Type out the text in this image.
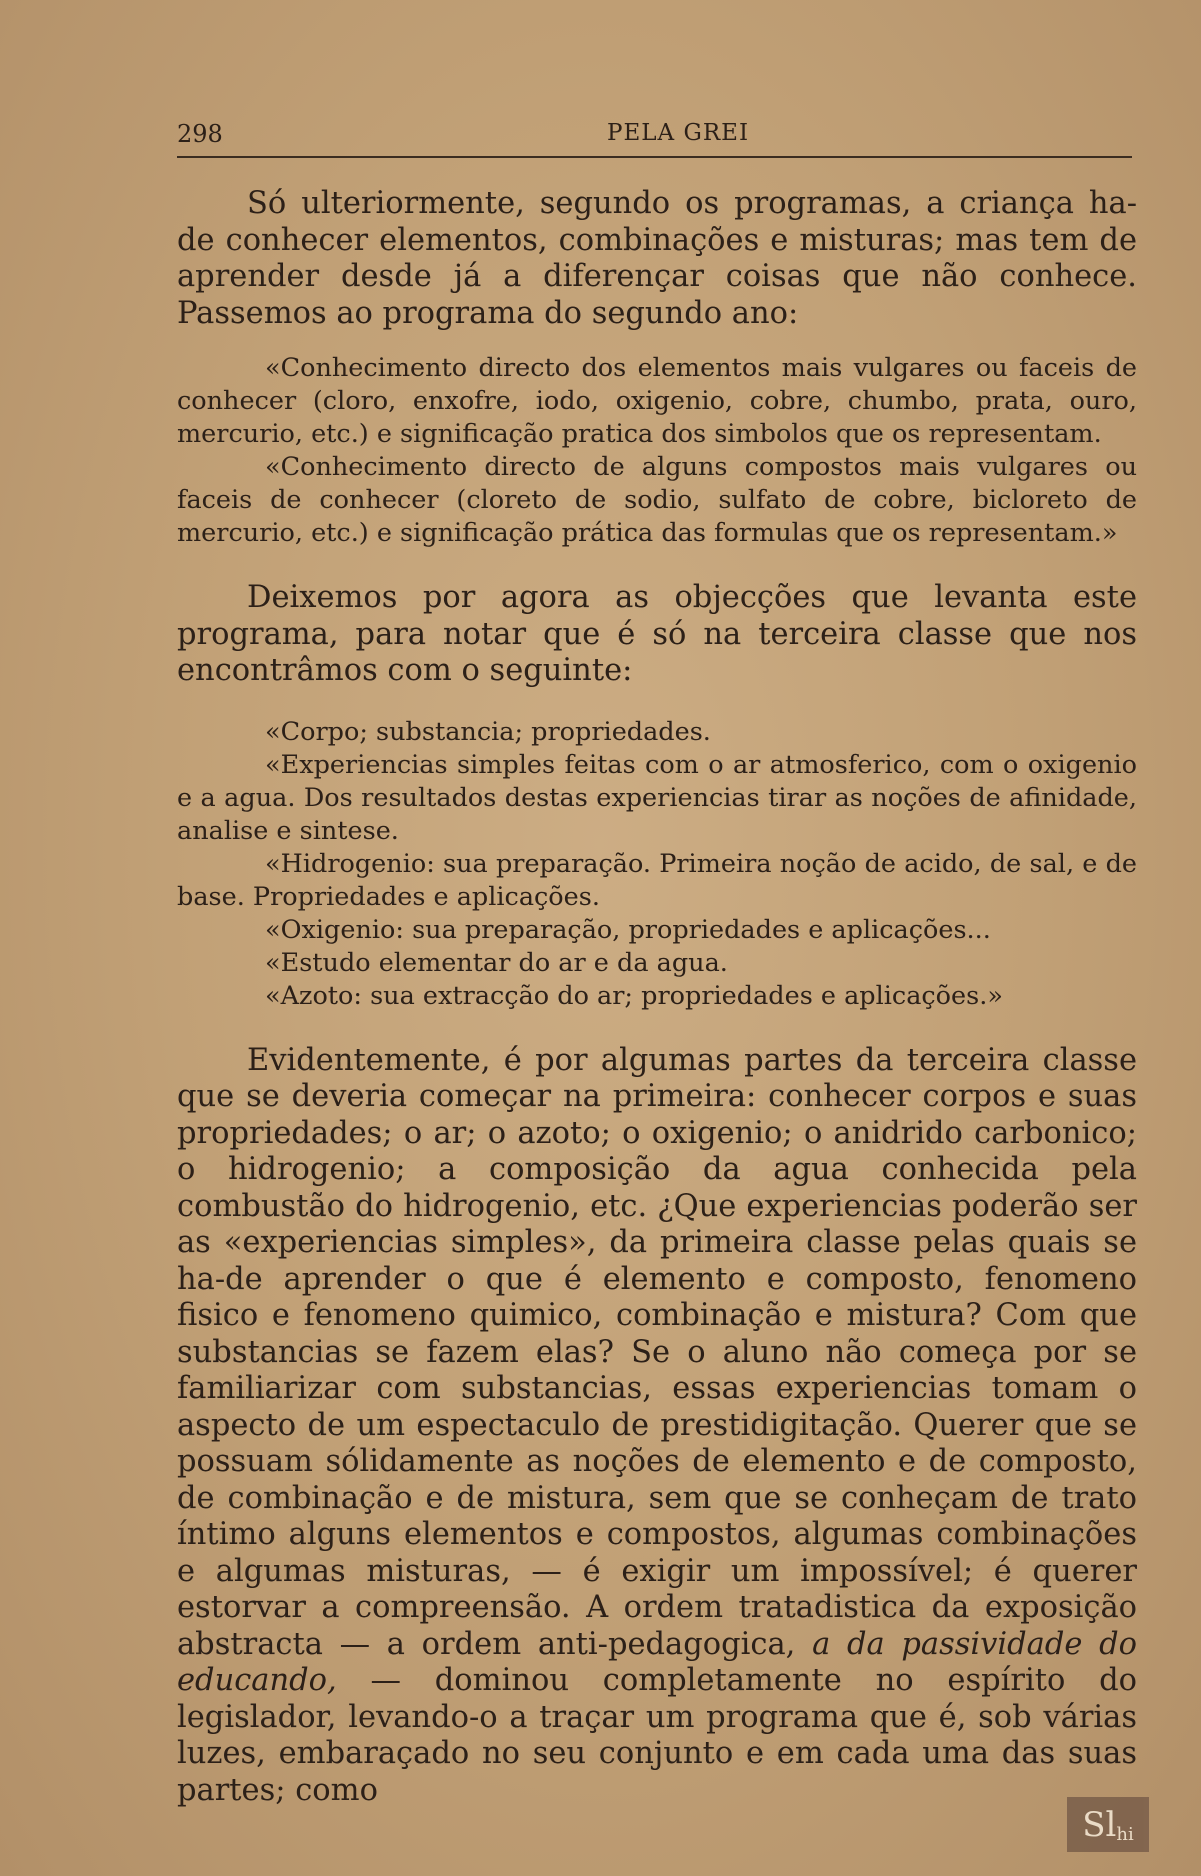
298	PELA GREI

Só ulteriormente, segundo os programas, a criança ha-de conhecer elementos, combinações e misturas; mas tem de aprender desde já a diferençar coisas que não conhece. Passemos ao programa do segundo ano:

«Conhecimento directo dos elementos mais vulgares ou faceis de conhecer (cloro, enxofre, iodo, oxigenio, cobre, chumbo, prata, ouro, mercurio, etc.) e significação pratica dos simbolos que os representam.

«Conhecimento directo de alguns compostos mais vulgares ou faceis de conhecer (cloreto de sodio, sulfato de cobre, bicloreto de mercurio, etc.) e significação prática das formulas que os representam.»

Deixemos por agora as objecções que levanta este programa, para notar que é só na terceira classe que nos encontrâmos com o seguinte:

«Corpo; substancia; propriedades.

«Experiencias simples feitas com o ar atmosferico, com o oxigenio e a agua. Dos resultados destas experiencias tirar as noções de afinidade, analise e sintese.

«Hidrogenio: sua preparação. Primeira noção de acido, de sal, e de base. Propriedades e aplicações.

«Oxigenio: sua preparação, propriedades e aplicações...

«Estudo elementar do ar e da agua.

«Azoto: sua extracção do ar; propriedades e aplicações.»

Evidentemente, é por algumas partes da terceira classe que se deveria começar na primeira: conhecer corpos e suas propriedades; o ar; o azoto; o oxigenio; o anidrido carbonico; o hidrogenio; a composição da agua conhecida pela combustão do hidrogenio, etc. ¿Que experiencias poderão ser as «experiencias simples», da primeira classe pelas quais se ha-de aprender o que é elemento e composto, fenomeno fisico e fenomeno quimico, combinação e mistura? Com que substancias se fazem elas? Se o aluno não começa por se familiarizar com substancias, essas experiencias tomam o aspecto de um espectaculo de prestidigitação. Querer que se possuam sólidamente as noções de elemento e de composto, de combinação e de mistura, sem que se conheçam de trato íntimo alguns elementos e compostos, algumas combinações e algumas misturas, — é exigir um impossível; é querer estorvar a compreensão. A ordem tratadistica da exposição abstracta — a ordem anti-pedagogica, a da passividade do educando, — dominou completamente no espírito do legislador, levando-o a traçar um programa que é, sob várias luzes, embaraçado no seu conjunto e em cada uma das suas partes; como

Sl hi
